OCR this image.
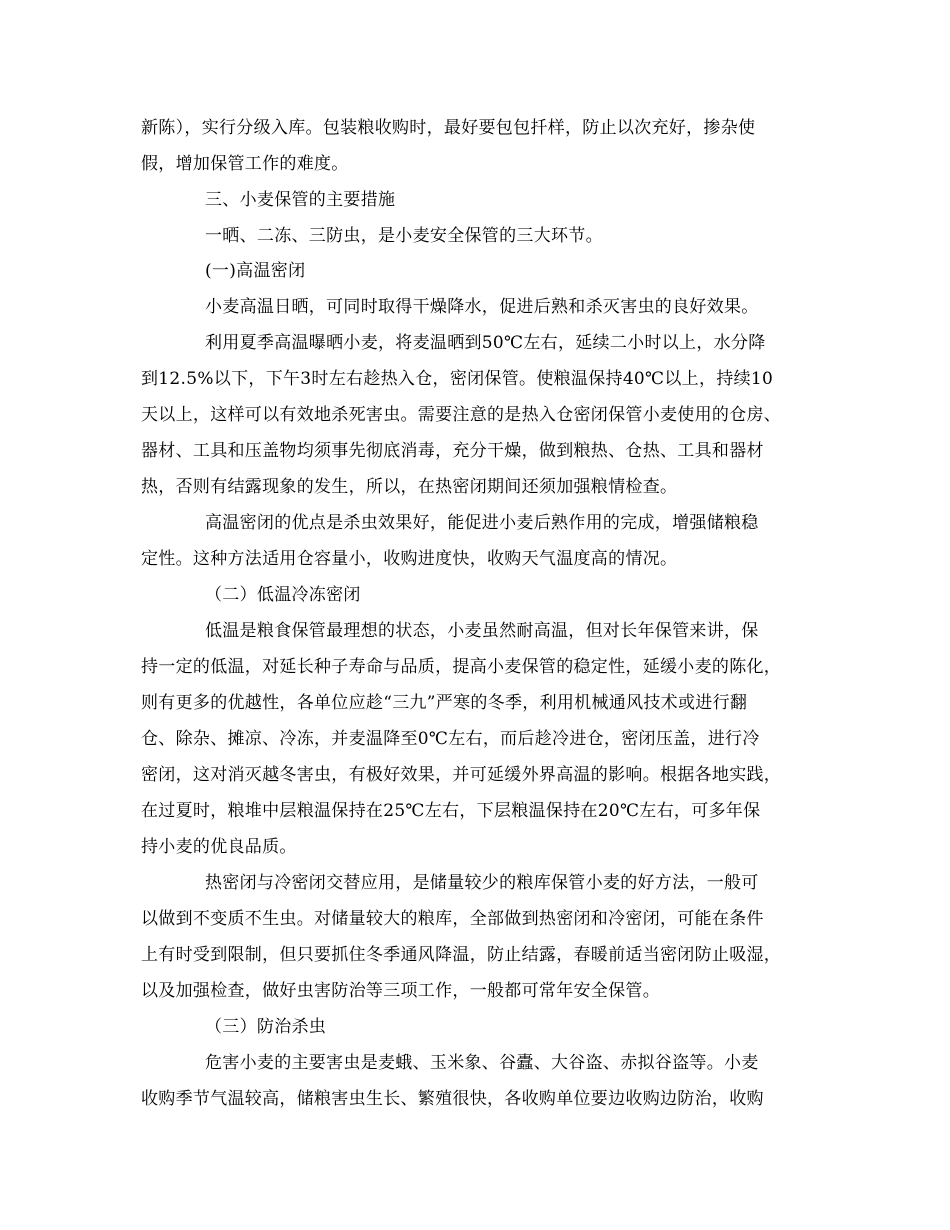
新陈），实行分级入库。包装粮收购时，最好要包包扦样，防止以次充好，掺杂使
假，增加保管工作的难度。
三、小麦保管的主要措施
一晒、二冻、三防虫，是小麦安全保管的三大环节。
(一)高温密闭
小麦高温日晒，可同时取得干燥降水，促进后熟和杀灭害虫的良好效果。
利用夏季高温曝晒小麦，将麦温晒到50℃左右，延续二小时以上，水分降
到12.5%以下，下午3时左右趁热入仓，密闭保管。使粮温保持40℃以上，持续10
天以上，这样可以有效地杀死害虫。需要注意的是热入仓密闭保管小麦使用的仓房、
器材、工具和压盖物均须事先彻底消毒，充分干燥，做到粮热、仓热、工具和器材
热，否则有结露现象的发生，所以，在热密闭期间还须加强粮情检查。
高温密闭的优点是杀虫效果好，能促进小麦后熟作用的完成，增强储粮稳
定性。这种方法适用仓容量小，收购进度快，收购天气温度高的情况。
（二）低温冷冻密闭
低温是粮食保管最理想的状态，小麦虽然耐高温，但对长年保管来讲，保
持一定的低温，对延长种子寿命与品质，提高小麦保管的稳定性，延缓小麦的陈化，
则有更多的优越性，各单位应趁“三九”严寒的冬季，利用机械通风技术或进行翻
仓、除杂、摊凉、冷冻，并麦温降至0℃左右，而后趁冷进仓，密闭压盖，进行冷
密闭，这对消灭越冬害虫，有极好效果，并可延缓外界高温的影响。根据各地实践，
在过夏时，粮堆中层粮温保持在25℃左右，下层粮温保持在20℃左右，可多年保
持小麦的优良品质。
热密闭与冷密闭交替应用，是储量较少的粮库保管小麦的好方法，一般可
以做到不变质不生虫。对储量较大的粮库，全部做到热密闭和冷密闭，可能在条件
上有时受到限制，但只要抓住冬季通风降温，防止结露，春暖前适当密闭防止吸湿，
以及加强检查，做好虫害防治等三项工作，一般都可常年安全保管。
（三）防治杀虫
危害小麦的主要害虫是麦蛾、玉米象、谷蠹、大谷盗、赤拟谷盗等。小麦
收购季节气温较高，储粮害虫生长、繁殖很快，各收购单位要边收购边防治，收购
